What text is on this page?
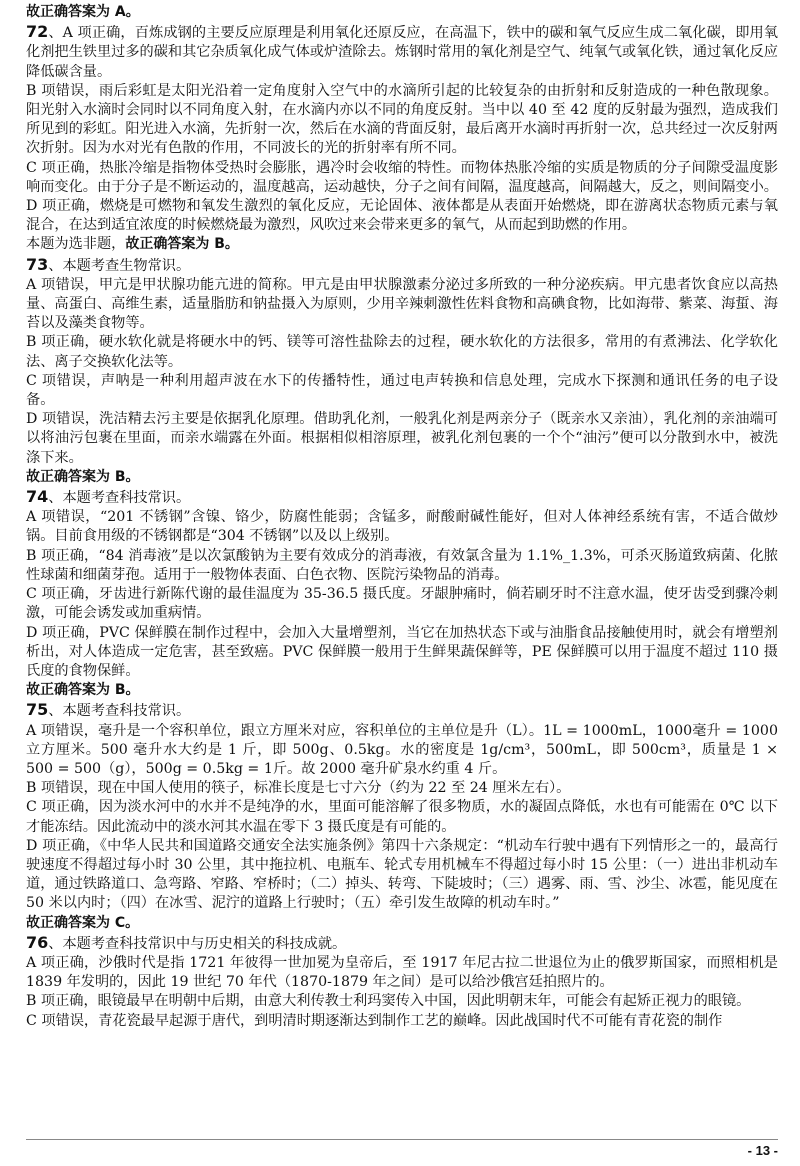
故正确答案为 A。

72、A 项正确，百炼成钢的主要反应原理是利用氧化还原反应，在高温下，铁中的碳和氧气反应生成二氧化碳，即用氧化剂把生铁里过多的碳和其它杂质氧化成气体或炉渣除去。炼钢时常用的氧化剂是空气、纯氧气或氧化铁，通过氧化反应降低碳含量。

B 项错误，雨后彩虹是太阳光沿着一定角度射入空气中的水滴所引起的比较复杂的由折射和反射造成的一种色散现象。阳光射入水滴时会同时以不同角度入射，在水滴内亦以不同的角度反射。当中以 40 至 42 度的反射最为强烈，造成我们所见到的彩虹。阳光进入水滴，先折射一次，然后在水滴的背面反射，最后离开水滴时再折射一次，总共经过一次反射两次折射。因为水对光有色散的作用，不同波长的光的折射率有所不同。

C 项正确，热胀冷缩是指物体受热时会膨胀，遇冷时会收缩的特性。而物体热胀冷缩的实质是物质的分子间隙受温度影响而变化。由于分子是不断运动的，温度越高，运动越快，分子之间有间隔，温度越高，间隔越大，反之，则间隔变小。

D 项正确，燃烧是可燃物和氧发生激烈的氧化反应，无论固体、液体都是从表面开始燃烧，即在游离状态物质元素与氧混合，在达到适宜浓度的时候燃烧最为激烈，风吹过来会带来更多的氧气，从而起到助燃的作用。

本题为选非题，故正确答案为 B。

73、本题考查生物常识。

A 项错误，甲亢是甲状腺功能亢进的简称。甲亢是由甲状腺激素分泌过多所致的一种分泌疾病。甲亢患者饮食应以高热量、高蛋白、高维生素，适量脂肪和钠盐摄入为原则，少用辛辣刺激性佐料食物和高碘食物，比如海带、紫菜、海蜇、海苔以及藻类食物等。

B 项正确，硬水软化就是将硬水中的钙、镁等可溶性盐除去的过程，硬水软化的方法很多，常用的有煮沸法、化学软化法、离子交换软化法等。

C 项错误，声呐是一种利用超声波在水下的传播特性，通过电声转换和信息处理，完成水下探测和通讯任务的电子设备。

D 项错误，洗洁精去污主要是依据乳化原理。借助乳化剂，一般乳化剂是两亲分子（既亲水又亲油），乳化剂的亲油端可以将油污包裹在里面，而亲水端露在外面。根据相似相溶原理，被乳化剂包裹的一个个“油污”便可以分散到水中，被洗涤下来。

故正确答案为 B。

74、本题考查科技常识。

A 项错误，“201 不锈钢”含镍、铬少，防腐性能弱；含锰多，耐酸耐碱性能好，但对人体神经系统有害，不适合做炒锅。目前食用级的不锈钢都是“304 不锈钢”以及以上级别。

B 项正确，“84 消毒液”是以次氯酸钠为主要有效成分的消毒液，有效氯含量为 1.1%_1.3%，可杀灭肠道致病菌、化脓性球菌和细菌芽孢。适用于一般物体表面、白色衣物、医院污染物品的消毒。

C 项正确，牙齿进行新陈代谢的最佳温度为 35-36.5 摄氏度。牙龈肿痛时，倘若刷牙时不注意水温，使牙齿受到骤冷刺激，可能会诱发或加重病情。

D 项正确，PVC 保鲜膜在制作过程中，会加入大量增塑剂，当它在加热状态下或与油脂食品接触使用时，就会有增塑剂析出，对人体造成一定危害，甚至致癌。PVC 保鲜膜一般用于生鲜果蔬保鲜等，PE 保鲜膜可以用于温度不超过 110 摄氏度的食物保鲜。

故正确答案为 B。

75、本题考查科技常识。

A 项错误，毫升是一个容积单位，跟立方厘米对应，容积单位的主单位是升（L）。1L = 1000mL，1000毫升 = 1000立方厘米。500 毫升水大约是 1 斤，即 500g、0.5kg。水的密度是 1g/cm³，500mL，即 500cm³，质量是 1 × 500 = 500（g），500g = 0.5kg = 1斤。故 2000 毫升矿泉水约重 4 斤。

B 项错误，现在中国人使用的筷子，标准长度是七寸六分（约为 22 至 24 厘米左右）。

C 项正确，因为淡水河中的水并不是纯净的水，里面可能溶解了很多物质，水的凝固点降低，水也有可能需在 0℃ 以下才能冻结。因此流动中的淡水河其水温在零下 3 摄氏度是有可能的。

D 项正确，《中华人民共和国道路交通安全法实施条例》第四十六条规定：“机动车行驶中遇有下列情形之一的，最高行驶速度不得超过每小时 30 公里，其中拖拉机、电瓶车、轮式专用机械车不得超过每小时 15 公里：（一）进出非机动车道，通过铁路道口、急弯路、窄路、窄桥时；（二）掉头、转弯、下陡坡时；（三）遇雾、雨、雪、沙尘、冰雹，能见度在 50 米以内时；（四）在冰雪、泥泞的道路上行驶时；（五）牵引发生故障的机动车时。”

故正确答案为 C。

76、本题考查科技常识中与历史相关的科技成就。

A 项正确，沙俄时代是指 1721 年彼得一世加冕为皇帝后，至 1917 年尼古拉二世退位为止的俄罗斯国家，而照相机是 1839 年发明的，因此 19 世纪 70 年代（1870-1879 年之间）是可以给沙俄宫廷拍照片的。

B 项正确，眼镜最早在明朝中后期，由意大利传教士利玛窦传入中国，因此明朝末年，可能会有起矫正视力的眼镜。

C 项错误，青花瓷最早起源于唐代，到明清时期逐渐达到制作工艺的巅峰。因此战国时代不可能有青花瓷的制作

- 13 -
